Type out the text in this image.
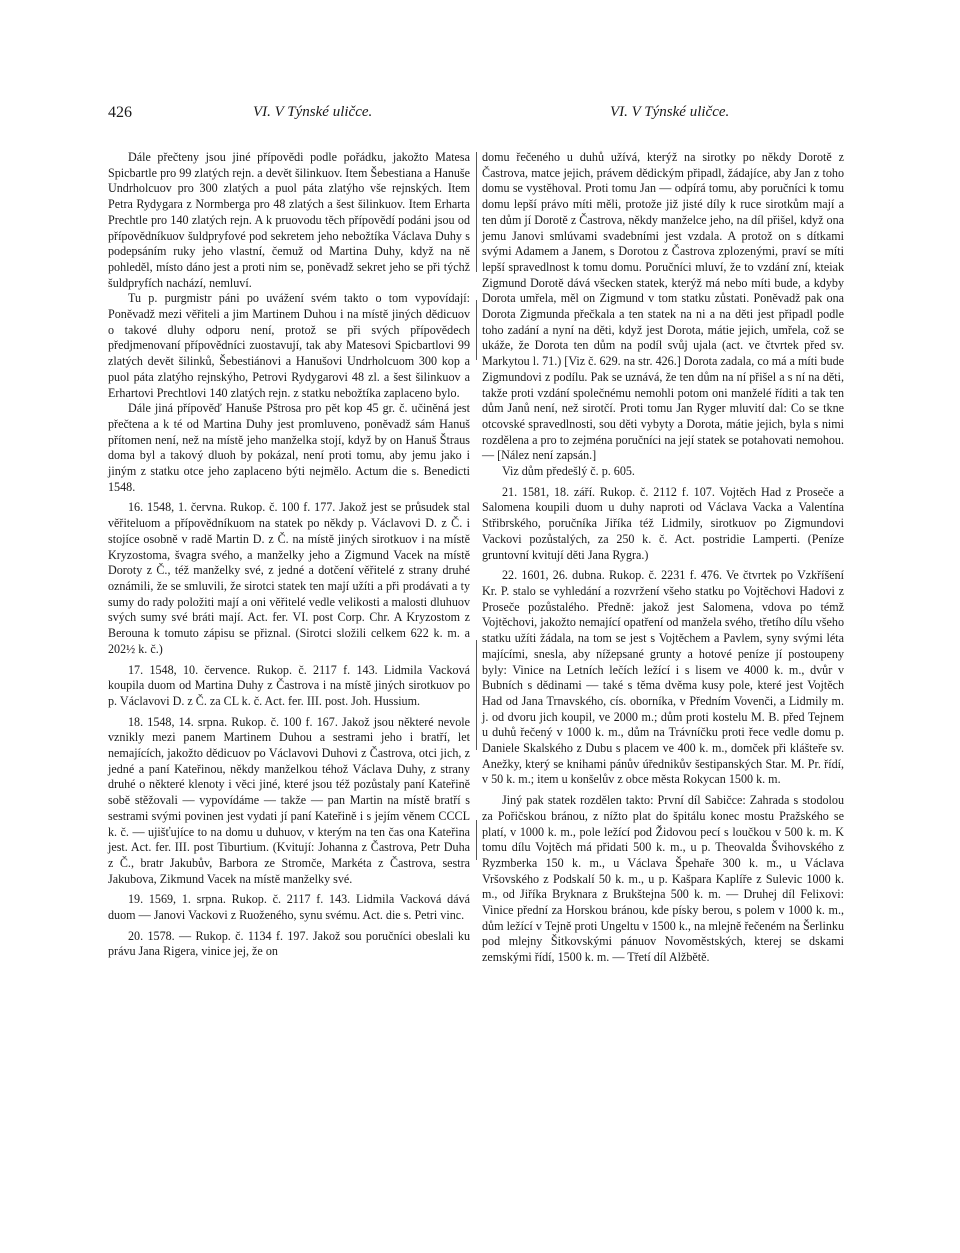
426	VI. V Týnské uličce.	VI. V Týnské uličce.

Dále přečteny jsou jiné přípovědi podle pořádku, jakožto Matesa Spicbartle pro 99 zlatých rejn. a devět šilinkuov. Item Šebestiana a Hanuše Undrholcuov pro 300 zlatých a puol páta zlatýho vše rejnských. Item Petra Rydygara z Normberga pro 48 zlatých a šest šilinkuov. Item Erharta Prechtle pro 140 zlatých rejn. A k pruovodu těch přípovědí podáni jsou od přípovědníkuov šuldpryfové pod sekretem jeho nebožtíka Václava Duhy s podepsáním ruky jeho vlastní, čemuž od Martina Duhy, když na ně pohleděl, místo dáno jest a proti nim se, poněvadž sekret jeho se při týchž šuldpryfích nachází, nemluví.

Tu p. purgmistr páni po uvážení svém takto o tom vypovídají: Poněvadž mezi věřiteli a jim Martinem Duhou i na místě jiných dědicuov o takové dluhy odporu není, protož se při svých přípovědech předjmenovaní přípovědníci zuostavují, tak aby Matesovi Spicbartlovi 99 zlatých devět šilinků, Šebestiánovi a Hanušovi Undrholcuom 300 kop a puol páta zlatýho rejnskýho, Petrovi Rydygarovi 48 zl. a šest šilinkuov a Erhartovi Prechtlovi 140 zlatých rejn. z statku nebožtíka zaplaceno bylo.

Dále jiná přípověď Hanuše Pštrosa pro pět kop 45 gr. č. učiněná jest přečtena a k té od Martina Duhy jest promluveno, poněvadž sám Hanuš přítomen není, než na místě jeho manželka stojí, když by on Hanuš Štraus doma byl a takový dluoh by pokázal, není proti tomu, aby jemu jako i jiným z statku otce jeho zaplaceno býti nejmělo. Actum die s. Benedicti 1548.

16. 1548, 1. června. Rukop. č. 100 f. 177. Jakož jest se průsudek stal věřiteluom a přípovědníkuom na statek po někdy p. Václavovi D. z Č. i stojíce osobně v radě Martin D. z Č. na místě jiných sirotkuov i na místě Kryzostoma, švagra svého, a manželky jeho a Zigmund Vacek na místě Doroty z Č., též manželky své, z jedné a dotčení věřitelé z strany druhé oznámili, že se smluvili, že sirotci statek ten mají užíti a při prodávati a ty sumy do rady položiti mají a oni věřitelé vedle velikosti a malosti dluhuov svých sumy své bráti mají. Act. fer. VI. post Corp. Chr. A Kryzostom z Berouna k tomuto zápisu se přiznal. (Sirotci složili celkem 622 k. m. a 202½ k. č.)

17. 1548, 10. července. Rukop. č. 2117 f. 143. Lidmila Vacková koupila duom od Martina Duhy z Častrova i na místě jiných sirotkuov po p. Václavovi D. z Č. za CL k. č. Act. fer. III. post. Joh. Hussium.

18. 1548, 14. srpna. Rukop. č. 100 f. 167. Jakož jsou některé nevole vznikly mezi panem Martinem Duhou a sestrami jeho i bratří, let nemajících, jakožto dědicuov po Václavovi Duhovi z Častrova, otci jich, z jedné a paní Kateřinou, někdy manželkou téhož Václava Duhy, z strany druhé o některé klenoty i věci jiné, které jsou též pozůstaly paní Kateřině sobě stěžovali — vypovídáme — takže — pan Martin na místě bratří s sestrami svými povinen jest vydati jí paní Kateřině i s jejím věnem CCCL k. č. — ujišťujíce to na domu u duhuov, v kterým na ten čas ona Kateřina jest. Act. fer. III. post Tiburtium. (Kvitují: Johanna z Častrova, Petr Duha z Č., bratr Jakubův, Barbora ze Stromče, Markéta z Častrova, sestra Jakubova, Zikmund Vacek na místě manželky své.

19. 1569, 1. srpna. Rukop. č. 2117 f. 143. Lidmila Vacková dává duom — Janovi Vackovi z Ruoženého, synu svému. Act. die s. Petri vinc.

20. 1578. — Rukop. č. 1134 f. 197. Jakož sou poručníci obeslali ku právu Jana Rigera, vinice jej, že on

domu řečeného u duhů užívá, kterýž na sirotky po někdy Dorotě z Častrova, matce jejich, právem dědickým připadl, žádajíce, aby Jan z toho domu se vystěhoval. Proti tomu Jan — odpírá tomu, aby poručníci k tomu domu lepší právo míti měli, protože již jisté díly k ruce sirotkům mají a ten dům jí Dorotě z Častrova, někdy manželce jeho, na díl přišel, když ona jemu Janovi smlúvami svadebními jest vzdala. A protož on s dítkami svými Adamem a Janem, s Dorotou z Častrova zplozenými, praví se míti lepší spravedlnost k tomu domu. Poručníci mluví, že to vzdání zní, kteiak Zigmund Dorotě dává všecken statek, kterýž má nebo míti bude, a kdyby Dorota umřela, měl on Zigmund v tom statku zůstati. Poněvadž pak ona Dorota Zigmunda přečkala a ten statek na ni a na děti jest připadl podle toho zadání a nyní na děti, když jest Dorota, mátie jejich, umřela, což se ukáže, že Dorota ten dům na podíl svůj ujala (act. ve čtvrtek před sv. Markytou l. 71.) [Viz č. 629. na str. 426.] Dorota zadala, co má a míti bude Zigmundovi z podílu. Pak se uznává, že ten dům na ní přišel a s ní na děti, takže proti vzdání společnému nemohli potom oni manželé říditi a tak ten dům Janů není, než sirotčí. Proti tomu Jan Ryger mluvití dal: Co se tkne otcovské spravedlnosti, sou děti vybyty a Dorota, mátie jejich, byla s nimi rozdělena a pro to zejména poručníci na její statek se potahovati nemohou. — [Nález není zapsán.]

Viz dům předešlý č. p. 605.

21. 1581, 18. září. Rukop. č. 2112 f. 107. Vojtěch Had z Proseče a Salomena koupili duom u duhy naproti od Václava Vacka a Valentína Střibrského, poručníka Jiříka též Lidmily, sirotkuov po Zigmundovi Vackovi pozůstalých, za 250 k. č. Act. postridie Lamperti. (Peníze gruntovní kvitují děti Jana Rygra.)

22. 1601, 26. dubna. Rukop. č. 2231 f. 476. Ve čtvrtek po Vzkříšení Kr. P. stalo se vyhledání a rozvržení všeho statku po Vojtěchovi Hadovi z Proseče pozůstalého. Předně: jakož jest Salomena, vdova po témž Vojtěchovi, jakožto nemající opatření od manžela svého, třetího dílu všeho statku užíti žádala, na tom se jest s Vojtěchem a Pavlem, syny svými léta majícími, snesla, aby nížepsané grunty a hotové peníze jí postoupeny byly: Vinice na Letních lečích ležící i s lisem ve 4000 k. m., dvůr v Bubních s dědinami — také s těma dvěma kusy pole, které jest Vojtěch Had od Jana Trnavského, cís. oborníka, v Předním Vovenči, a Lidmily m. j. od dvoru jich koupil, ve 2000 m.; dům proti kostelu M. B. před Tejnem u duhů řečený v 1000 k. m., dům na Trávníčku proti řece vedle domu p. Daniele Skalského z Dubu s placem ve 400 k. m., domček při klášteře sv. Anežky, který se knihami pánův úřednikův šestipanských Star. M. Pr. řídí, v 50 k. m.; item u konšelův z obce města Rokycan 1500 k. m.

Jiný pak statek rozdělen takto: První díl Sabičce: Zahrada s stodolou za Pořičskou bránou, z nížto plat do špitálu konec mostu Pražského se platí, v 1000 k. m., pole ležící pod Židovou pecí s loučkou v 500 k. m. K tomu dílu Vojtěch má přidati 500 k. m., u p. Theovalda Švihovského z Ryzmberka 150 k. m., u Václava Špehaře 300 k. m., u Václava Vršovského z Podskalí 50 k. m., u p. Kašpara Kaplíře z Sulevic 1000 k. m., od Jiříka Bryknara z Brukštejna 500 k. m. — Druhej díl Felixovi: Vinice přední za Horskou bránou, kde písky berou, s polem v 1000 k. m., dům ležící v Tejně proti Ungeltu v 1500 k., na mlejně řečeném na Šerlinku pod mlejny Šitkovskými pánuov Novoměstských, kterej se dskami zemskými řídí, 1500 k. m. — Třetí díl Alžbětě.
